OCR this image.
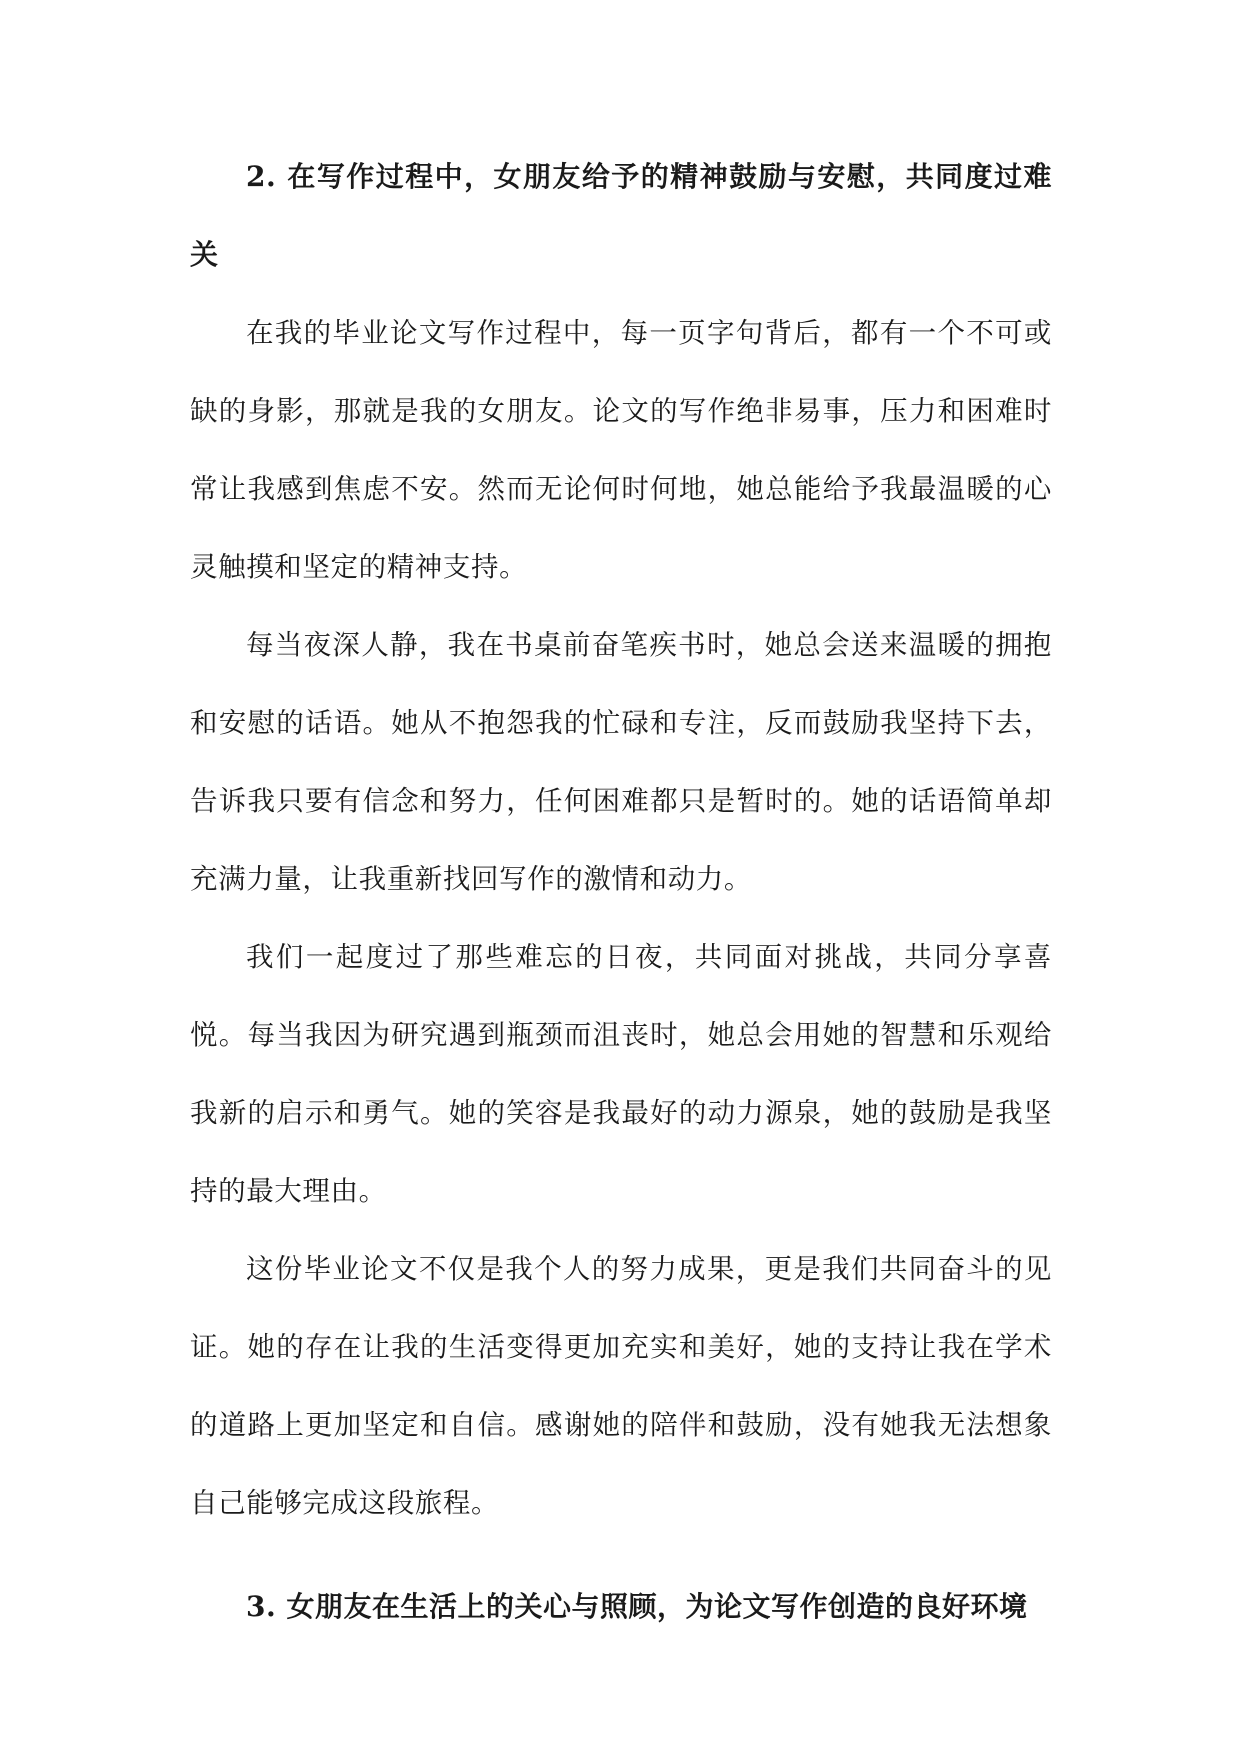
2. 在写作过程中，女朋友给予的精神鼓励与安慰，共同度过难关

在我的毕业论文写作过程中，每一页字句背后，都有一个不可或缺的身影，那就是我的女朋友。论文的写作绝非易事，压力和困难时常让我感到焦虑不安。然而无论何时何地，她总能给予我最温暖的心灵触摸和坚定的精神支持。

每当夜深人静，我在书桌前奋笔疾书时，她总会送来温暖的拥抱和安慰的话语。她从不抱怨我的忙碌和专注，反而鼓励我坚持下去，告诉我只要有信念和努力，任何困难都只是暂时的。她的话语简单却充满力量，让我重新找回写作的激情和动力。

我们一起度过了那些难忘的日夜，共同面对挑战，共同分享喜悦。每当我因为研究遇到瓶颈而沮丧时，她总会用她的智慧和乐观给我新的启示和勇气。她的笑容是我最好的动力源泉，她的鼓励是我坚持的最大理由。

这份毕业论文不仅是我个人的努力成果，更是我们共同奋斗的见证。她的存在让我的生活变得更加充实和美好，她的支持让我在学术的道路上更加坚定和自信。感谢她的陪伴和鼓励，没有她我无法想象自己能够完成这段旅程。

3. 女朋友在生活上的关心与照顾，为论文写作创造的良好环境
